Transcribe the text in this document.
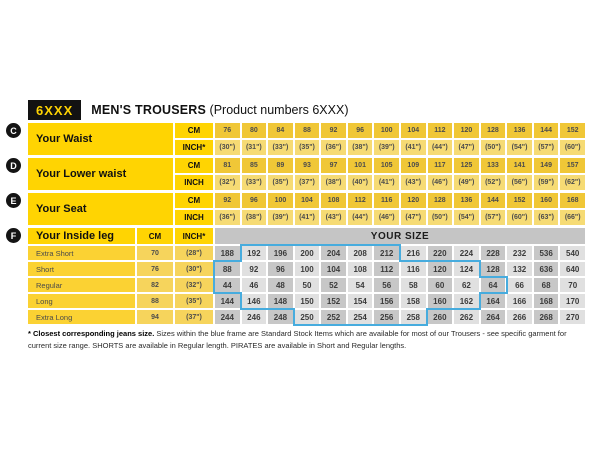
6XXX	MEN'S TROUSERS (Product numbers 6XXX)
C
Your Waist
CM	76	80	84	88	92	96	100	104	112	120	128	136	144	152
INCH*	(30")	(31")	(33")	(35")	(36")	(38")	(39")	(41")	(44")	(47")	(50")	(54")	(57")	(60")
D
Your Lower waist
CM	81	85	89	93	97	101	105	109	117	125	133	141	149	157
INCH	(32")	(33")	(35")	(37")	(38")	(40")	(41")	(43")	(46")	(49")	(52")	(56")	(59")	(62")
E
Your Seat
CM	92	96	100	104	108	112	116	120	128	136	144	152	160	168
INCH	(36")	(38")	(39")	(41")	(43")	(44")	(46")	(47")	(50")	(54")	(57")	(60")	(63")	(66")
F	Your Inside leg	CM	INCH*	YOUR SIZE
Extra Short	70	(28")	188	192	196	200	204	208	212	216	220	224	228	232	536	540
Short	76	(30")	88	92	96	100	104	108	112	116	120	124	128	132	636	640
Regular	82	(32")	44	46	48	50	52	54	56	58	60	62	64	66	68	70
Long	88	(35")	144	146	148	150	152	154	156	158	160	162	164	166	168	170
Extra Long	94	(37")	244	246	248	250	252	254	256	258	260	262	264	266	268	270
* Closest corresponding jeans size. Sizes within the blue frame are Standard Stock Items which are available for most of our Trousers - see specific garment for current size range. SHORTS are available in Regular length. PIRATES are available in Short and Regular lengths.
